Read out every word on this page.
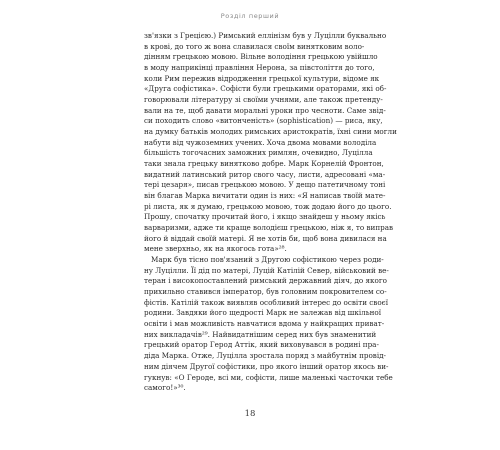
Розділ перший
зв'язки з Грецією.) Римський еллінізм був у Луцілли буквально
в крові, до того ж вона славилася своїм винятковим воло-
дінням грецькою мовою. Вільне володіння грецькою увійшло
в моду наприкінці правління Нерона, за півстоліття до того,
коли Рим пережив відродження грецької культури, відоме як
«Друга софістика». Софісти були грецькими ораторами, які об-
говорювали літературу зі своїми учнями, але також претенду-
вали на те, щоб давати моральні уроки про чесноти. Саме звід-
си походить слово «витонченість» (sophistication) — риса, яку,
на думку батьків молодих римських аристократів, їхні сини могли
набути від чужоземних учених. Хоча двома мовами володіла
більшість тогочасних заможних римлян, очевидно, Луцілла
таки знала грецьку винятково добре. Марк Корнелій Фронтон,
видатний латинський ритор свого часу, листи, адресовані «ма-
тері цезаря», писав грецькою мовою. У дещо патетичному тоні
він благав Марка вичитати один із них: «Я написав твоїй мате-
рі листа, як я думаю, грецькою мовою, тож додаю його до цього.
Прошу, спочатку прочитай його, і якщо знайдеш у ньому якісь
варваризми, адже ти краще володієш грецькою, ніж я, то виправ
його й віддай своїй матері. Я не хотів би, щоб вона дивилася на
мене зверхньо, як на якогось гота»²⁸.
Марк був тісно пов'язаний з Другою софістикою через роди-
ну Луцілли. Її дід по матері, Луцій Катілій Север, військовий ве-
теран і високопоставлений римський державний діяч, до якого
прихильно ставився імператор, був головним покровителем со-
фістів. Катілій також виявляв особливий інтерес до освіти своєї
родини. Завдяки його щедрості Марк не залежав від шкільної
освіти і мав можливість навчатися вдома у найкращих приват-
них викладачів²⁹. Найвидатнішим серед них був знаменитий
грецький оратор Герод Аттік, який виховувався в родині пра-
діда Марка. Отже, Луцілла зростала поряд з майбутнім провід-
ним діячем Другої софістики, про якого інший оратор якось ви-
гукнув: «О Героде, всі ми, софісти, лише маленькі часточки тебе
самого!»³⁰.
18
